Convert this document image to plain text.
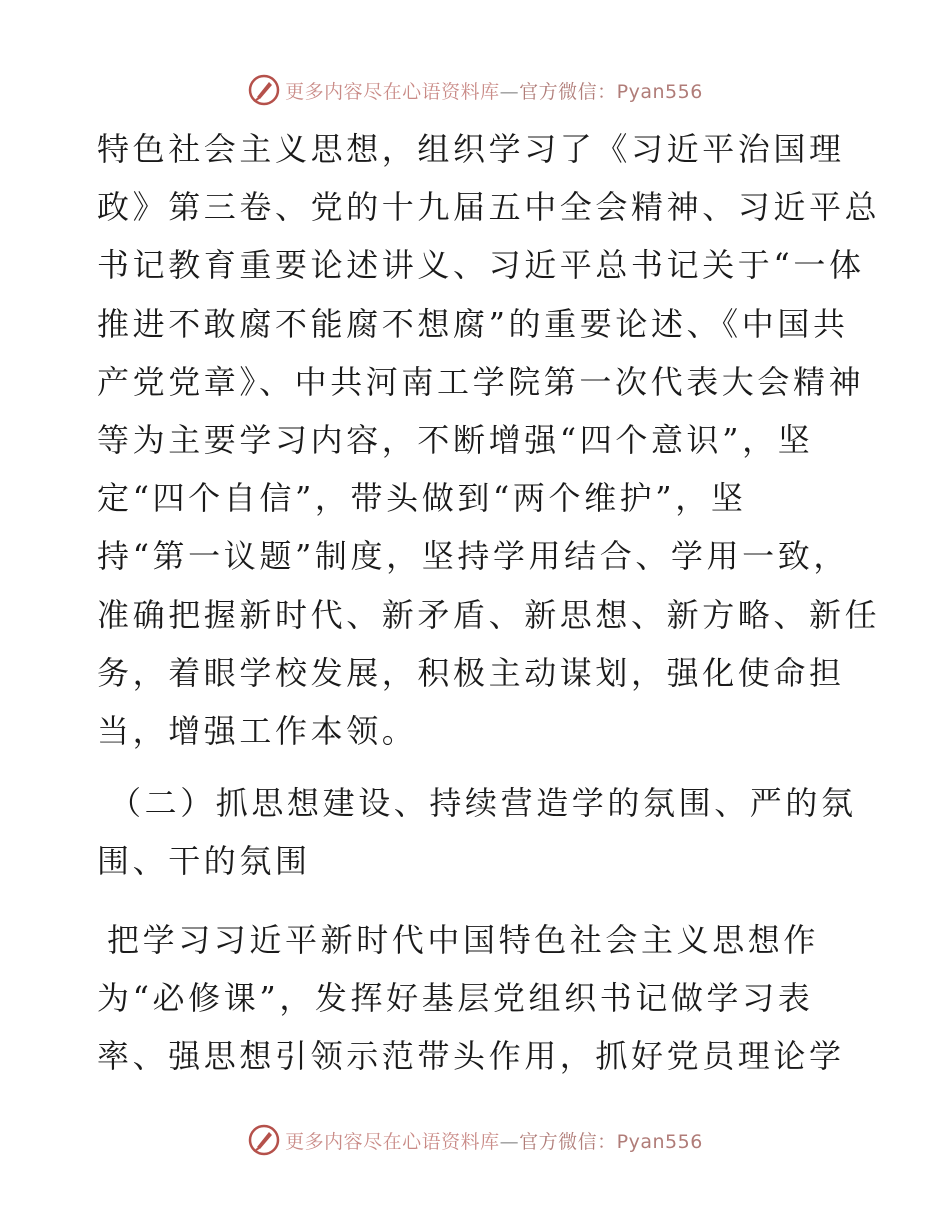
更多内容尽在心语资料库—官方微信：Pyan556

特色社会主义思想，组织学习了《习近平治国理
政》第三卷、党的十九届五中全会精神、习近平总
书记教育重要论述讲义、习近平总书记关于“一体
推进不敢腐不能腐不想腐”的重要论述、《中国共
产党党章》、中共河南工学院第一次代表大会精神
等为主要学习内容，不断增强“四个意识”，坚
定“四个自信”，带头做到“两个维护”，坚
持“第一议题”制度，坚持学用结合、学用一致，
准确把握新时代、新矛盾、新思想、新方略、新任
务，着眼学校发展，积极主动谋划，强化使命担
当，增强工作本领。

（二）抓思想建设、持续营造学的氛围、严的氛
围、干的氛围

把学习习近平新时代中国特色社会主义思想作
为“必修课”，发挥好基层党组织书记做学习表
率、强思想引领示范带头作用，抓好党员理论学

更多内容尽在心语资料库—官方微信：Pyan556
